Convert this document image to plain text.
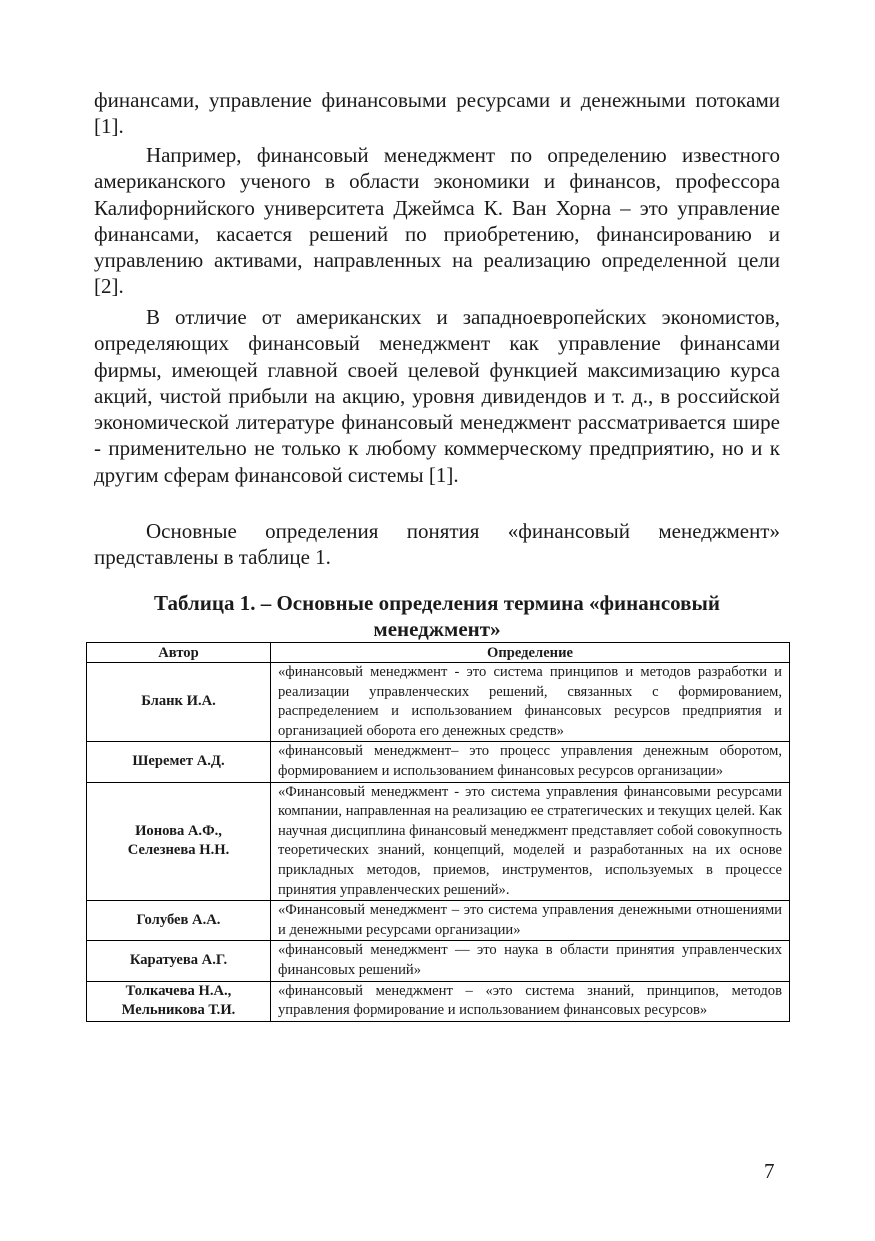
финансами, управление финансовыми ресурсами и денежными потоками [1].

Например, финансовый менеджмент по определению известного американского ученого в области экономики и финансов, профессора Калифорнийского университета Джеймса К. Ван Хорна – это управление финансами, касается решений по приобретению, финансированию и управлению активами, направленных на реализацию определенной цели [2].

В отличие от американских и западноевропейских экономистов, определяющих финансовый менеджмент как управление финансами фирмы, имеющей главной своей целевой функцией максимизацию курса акций, чистой прибыли на акцию, уровня дивидендов и т. д., в российской экономической литературе финансовый менеджмент рассматривается шире - применительно не только к любому коммерческому предприятию, но и к другим сферам финансовой системы [1].

Основные определения понятия «финансовый менеджмент» представлены в таблице 1.

Таблица 1. – Основные определения термина «финансовый менеджмент»

Автор	Определение

Бланк И.А.	«финансовый менеджмент - это система принципов и методов разработки и реализации управленческих решений, связанных с формированием, распределением и использованием финансовых ресурсов предприятия и организацией оборота его денежных средств»

Шеремет А.Д.	«финансовый менеджмент– это процесс управления денежным оборотом, формированием и использованием финансовых ресурсов организации»

Ионова А.Ф.,
Селезнева Н.Н.	«Финансовый менеджмент - это система управления финансовыми ресурсами компании, направленная на реализацию ее стратегических и текущих целей. Как научная дисциплина финансовый менеджмент представляет собой совокупность теоретических знаний, концепций, моделей и разработанных на их основе прикладных методов, приемов, инструментов, используемых в процессе принятия управленческих решений».

Голубев А.А.	«Финансовый менеджмент – это система управления денежными отношениями и денежными ресурсами организации»

Каратуева А.Г.	«финансовый менеджмент — это наука в области принятия управленческих финансовых решений»

Толкачева Н.А.,
Мельникова Т.И.	«финансовый менеджмент – «это система знаний, принципов, методов управления формирование и использованием финансовых ресурсов»
7
